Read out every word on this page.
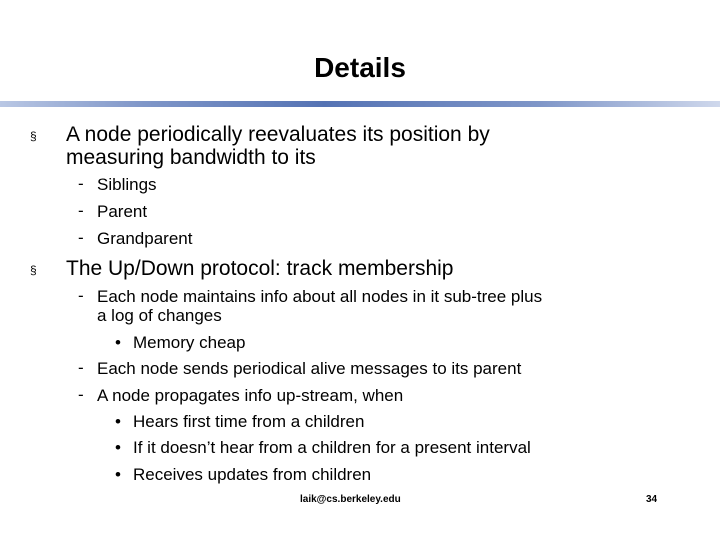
Details
§ A node periodically reevaluates its position by
measuring bandwidth to its
- Siblings
- Parent
- Grandparent
§ The Up/Down protocol: track membership
- Each node maintains info about all nodes in it sub-tree plus
a log of changes
• Memory cheap
- Each node sends periodical alive messages to its parent
- A node propagates info up-stream, when
• Hears first time from a children
• If it doesn’t hear from a children for a present interval
• Receives updates from children
laik@cs.berkeley.edu	34
